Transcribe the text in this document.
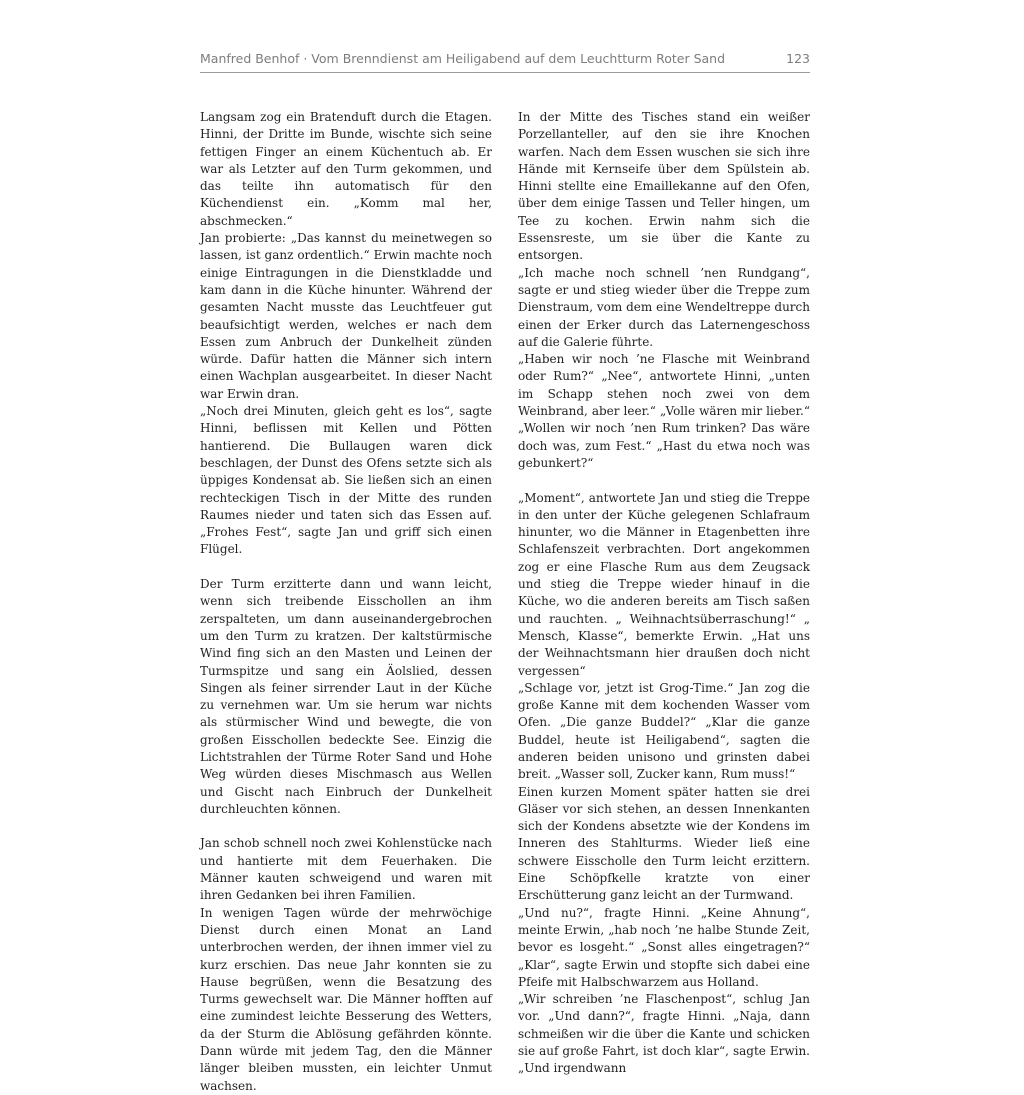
Manfred Benhof · Vom Brenndienst am Heiligabend auf dem Leuchtturm Roter Sand	123

Langsam zog ein Bratenduft durch die Etagen. Hinni, der Dritte im Bunde, wischte sich seine fettigen Finger an einem Küchentuch ab. Er war als Letzter auf den Turm gekommen, und das teilte ihn automatisch für den Küchendienst ein. „Komm mal her, abschmecken.“

Jan probierte: „Das kannst du meinetwegen so lassen, ist ganz ordentlich.“ Erwin machte noch einige Eintragungen in die Dienstkladde und kam dann in die Küche hinunter. Während der gesamten Nacht musste das Leuchtfeuer gut beaufsichtigt werden, welches er nach dem Essen zum Anbruch der Dunkelheit zünden würde. Dafür hatten die Männer sich intern einen Wachplan ausgearbeitet. In dieser Nacht war Erwin dran.

„Noch drei Minuten, gleich geht es los“, sagte Hinni, beflissen mit Kellen und Pötten hantierend. Die Bullaugen waren dick beschlagen, der Dunst des Ofens setzte sich als üppiges Kondensat ab. Sie ließen sich an einen rechteckigen Tisch in der Mitte des runden Raumes nieder und taten sich das Essen auf. „Frohes Fest“, sagte Jan und griff sich einen Flügel.

Der Turm erzitterte dann und wann leicht, wenn sich treibende Eisschollen an ihm zerspalteten, um dann auseinandergebrochen um den Turm zu kratzen. Der kaltstürmische Wind fing sich an den Masten und Leinen der Turmspitze und sang ein Äolslied, dessen Singen als feiner sirrender Laut in der Küche zu vernehmen war. Um sie herum war nichts als stürmischer Wind und bewegte, die von großen Eisschollen bedeckte See. Einzig die Lichtstrahlen der Türme Roter Sand und Hohe Weg würden dieses Mischmasch aus Wellen und Gischt nach Einbruch der Dunkelheit durchleuchten können.

Jan schob schnell noch zwei Kohlenstücke nach und hantierte mit dem Feuerhaken. Die Männer kauten schweigend und waren mit ihren Gedanken bei ihren Familien.

In wenigen Tagen würde der mehrwöchige Dienst durch einen Monat an Land unterbrochen werden, der ihnen immer viel zu kurz erschien. Das neue Jahr konnten sie zu Hause begrüßen, wenn die Besatzung des Turms gewechselt war. Die Männer hofften auf eine zumindest leichte Besserung des Wetters, da der Sturm die Ablösung gefährden könnte. Dann würde mit jedem Tag, den die Männer länger bleiben mussten, ein leichter Unmut wachsen.

In der Mitte des Tisches stand ein weißer Porzellanteller, auf den sie ihre Knochen warfen. Nach dem Essen wuschen sie sich ihre Hände mit Kernseife über dem Spülstein ab. Hinni stellte eine Emaillekanne auf den Ofen, über dem einige Tassen und Teller hingen, um Tee zu kochen. Erwin nahm sich die Essensreste, um sie über die Kante zu entsorgen.

„Ich mache noch schnell ’nen Rundgang“, sagte er und stieg wieder über die Treppe zum Dienstraum, vom dem eine Wendeltreppe durch einen der Erker durch das Laternengeschoss auf die Galerie führte.

„Haben wir noch ’ne Flasche mit Weinbrand oder Rum?“ „Nee“, antwortete Hinni, „unten im Schapp stehen noch zwei von dem Weinbrand, aber leer.“ „Volle wären mir lieber.“ „Wollen wir noch ’nen Rum trinken? Das wäre doch was, zum Fest.“ „Hast du etwa noch was gebunkert?“

„Moment“, antwortete Jan und stieg die Treppe in den unter der Küche gelegenen Schlafraum hinunter, wo die Männer in Etagenbetten ihre Schlafenszeit verbrachten. Dort angekommen zog er eine Flasche Rum aus dem Zeugsack und stieg die Treppe wieder hinauf in die Küche, wo die anderen bereits am Tisch saßen und rauchten. „ Weihnachtsüberraschung!“ „ Mensch, Klasse“, bemerkte Erwin. „Hat uns der Weihnachtsmann hier draußen doch nicht vergessen“

„Schlage vor, jetzt ist Grog-Time.“ Jan zog die große Kanne mit dem kochenden Wasser vom Ofen. „Die ganze Buddel?“ „Klar die ganze Buddel, heute ist Heiligabend“, sagten die anderen beiden unisono und grinsten dabei breit. „Wasser soll, Zucker kann, Rum muss!“

Einen kurzen Moment später hatten sie drei Gläser vor sich stehen, an dessen Innenkanten sich der Kondens absetzte wie der Kondens im Inneren des Stahlturms. Wieder ließ eine schwere Eisscholle den Turm leicht erzittern. Eine Schöpfkelle kratzte von einer Erschütterung ganz leicht an der Turmwand.

„Und nu?“, fragte Hinni. „Keine Ahnung“, meinte Erwin, „hab noch ’ne halbe Stunde Zeit, bevor es losgeht.“ „Sonst alles eingetragen?“ „Klar“, sagte Erwin und stopfte sich dabei eine Pfeife mit Halbschwarzem aus Holland.

„Wir schreiben ’ne Flaschenpost“, schlug Jan vor. „Und dann?“, fragte Hinni. „Naja, dann schmeißen wir die über die Kante und schicken sie auf große Fahrt, ist doch klar“, sagte Erwin. „Und irgendwann
